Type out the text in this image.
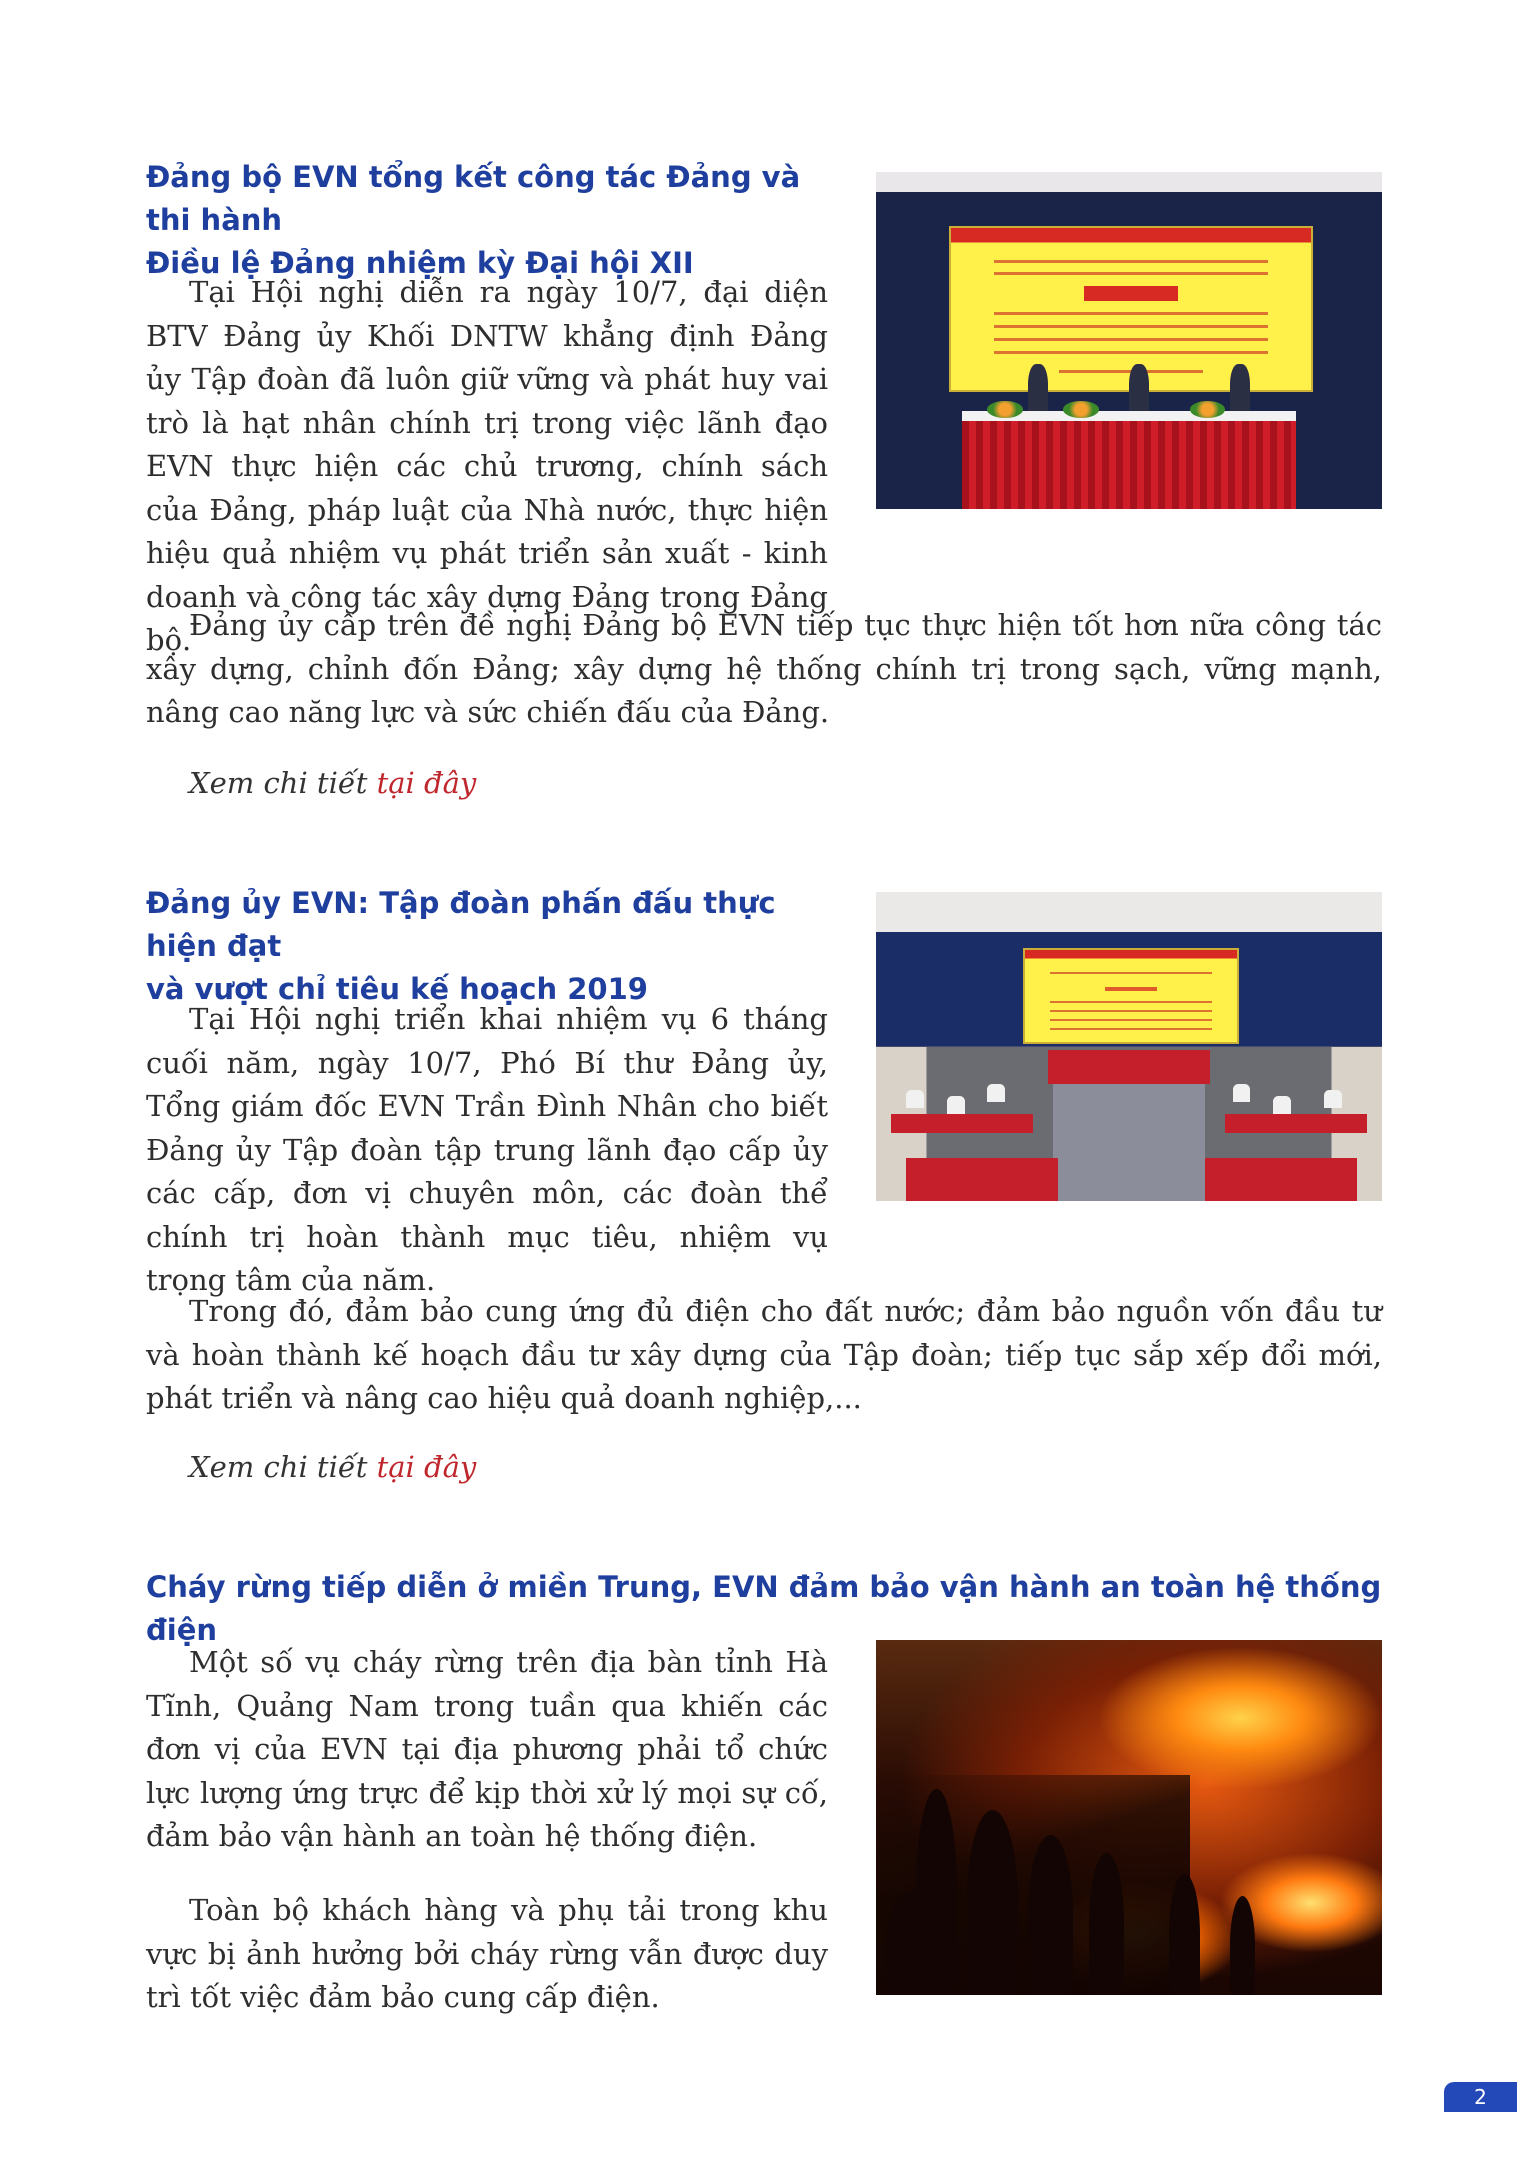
Đảng bộ EVN tổng kết công tác Đảng và thi hành
Điều lệ Đảng nhiệm kỳ Đại hội XII

Tại Hội nghị diễn ra ngày 10/7, đại diện BTV Đảng ủy Khối DNTW khẳng định Đảng ủy Tập đoàn đã luôn giữ vững và phát huy vai trò là hạt nhân chính trị trong việc lãnh đạo EVN thực hiện các chủ trương, chính sách của Đảng, pháp luật của Nhà nước, thực hiện hiệu quả nhiệm vụ phát triển sản xuất - kinh doanh và công tác xây dựng Đảng trong Đảng bộ.

Đảng ủy cấp trên đề nghị Đảng bộ EVN tiếp tục thực hiện tốt hơn nữa công tác xây dựng, chỉnh đốn Đảng; xây dựng hệ thống chính trị trong sạch, vững mạnh, nâng cao năng lực và sức chiến đấu của Đảng.

Xem chi tiết tại đây

Đảng ủy EVN: Tập đoàn phấn đấu thực hiện đạt
và vượt chỉ tiêu kế hoạch 2019

Tại Hội nghị triển khai nhiệm vụ 6 tháng cuối năm, ngày 10/7, Phó Bí thư Đảng ủy, Tổng giám đốc EVN Trần Đình Nhân cho biết Đảng ủy Tập đoàn tập trung lãnh đạo cấp ủy các cấp, đơn vị chuyên môn, các đoàn thể chính trị hoàn thành mục tiêu, nhiệm vụ trọng tâm của năm.

Trong đó, đảm bảo cung ứng đủ điện cho đất nước; đảm bảo nguồn vốn đầu tư và hoàn thành kế hoạch đầu tư xây dựng của Tập đoàn; tiếp tục sắp xếp đổi mới, phát triển và nâng cao hiệu quả doanh nghiệp,...

Xem chi tiết tại đây

Cháy rừng tiếp diễn ở miền Trung, EVN đảm bảo vận hành an toàn hệ thống điện

Một số vụ cháy rừng trên địa bàn tỉnh Hà Tĩnh, Quảng Nam trong tuần qua khiến các đơn vị của EVN tại địa phương phải tổ chức lực lượng ứng trực để kịp thời xử lý mọi sự cố, đảm bảo vận hành an toàn hệ thống điện.

Toàn bộ khách hàng và phụ tải trong khu vực bị ảnh hưởng bởi cháy rừng vẫn được duy trì tốt việc đảm bảo cung cấp điện.

2
